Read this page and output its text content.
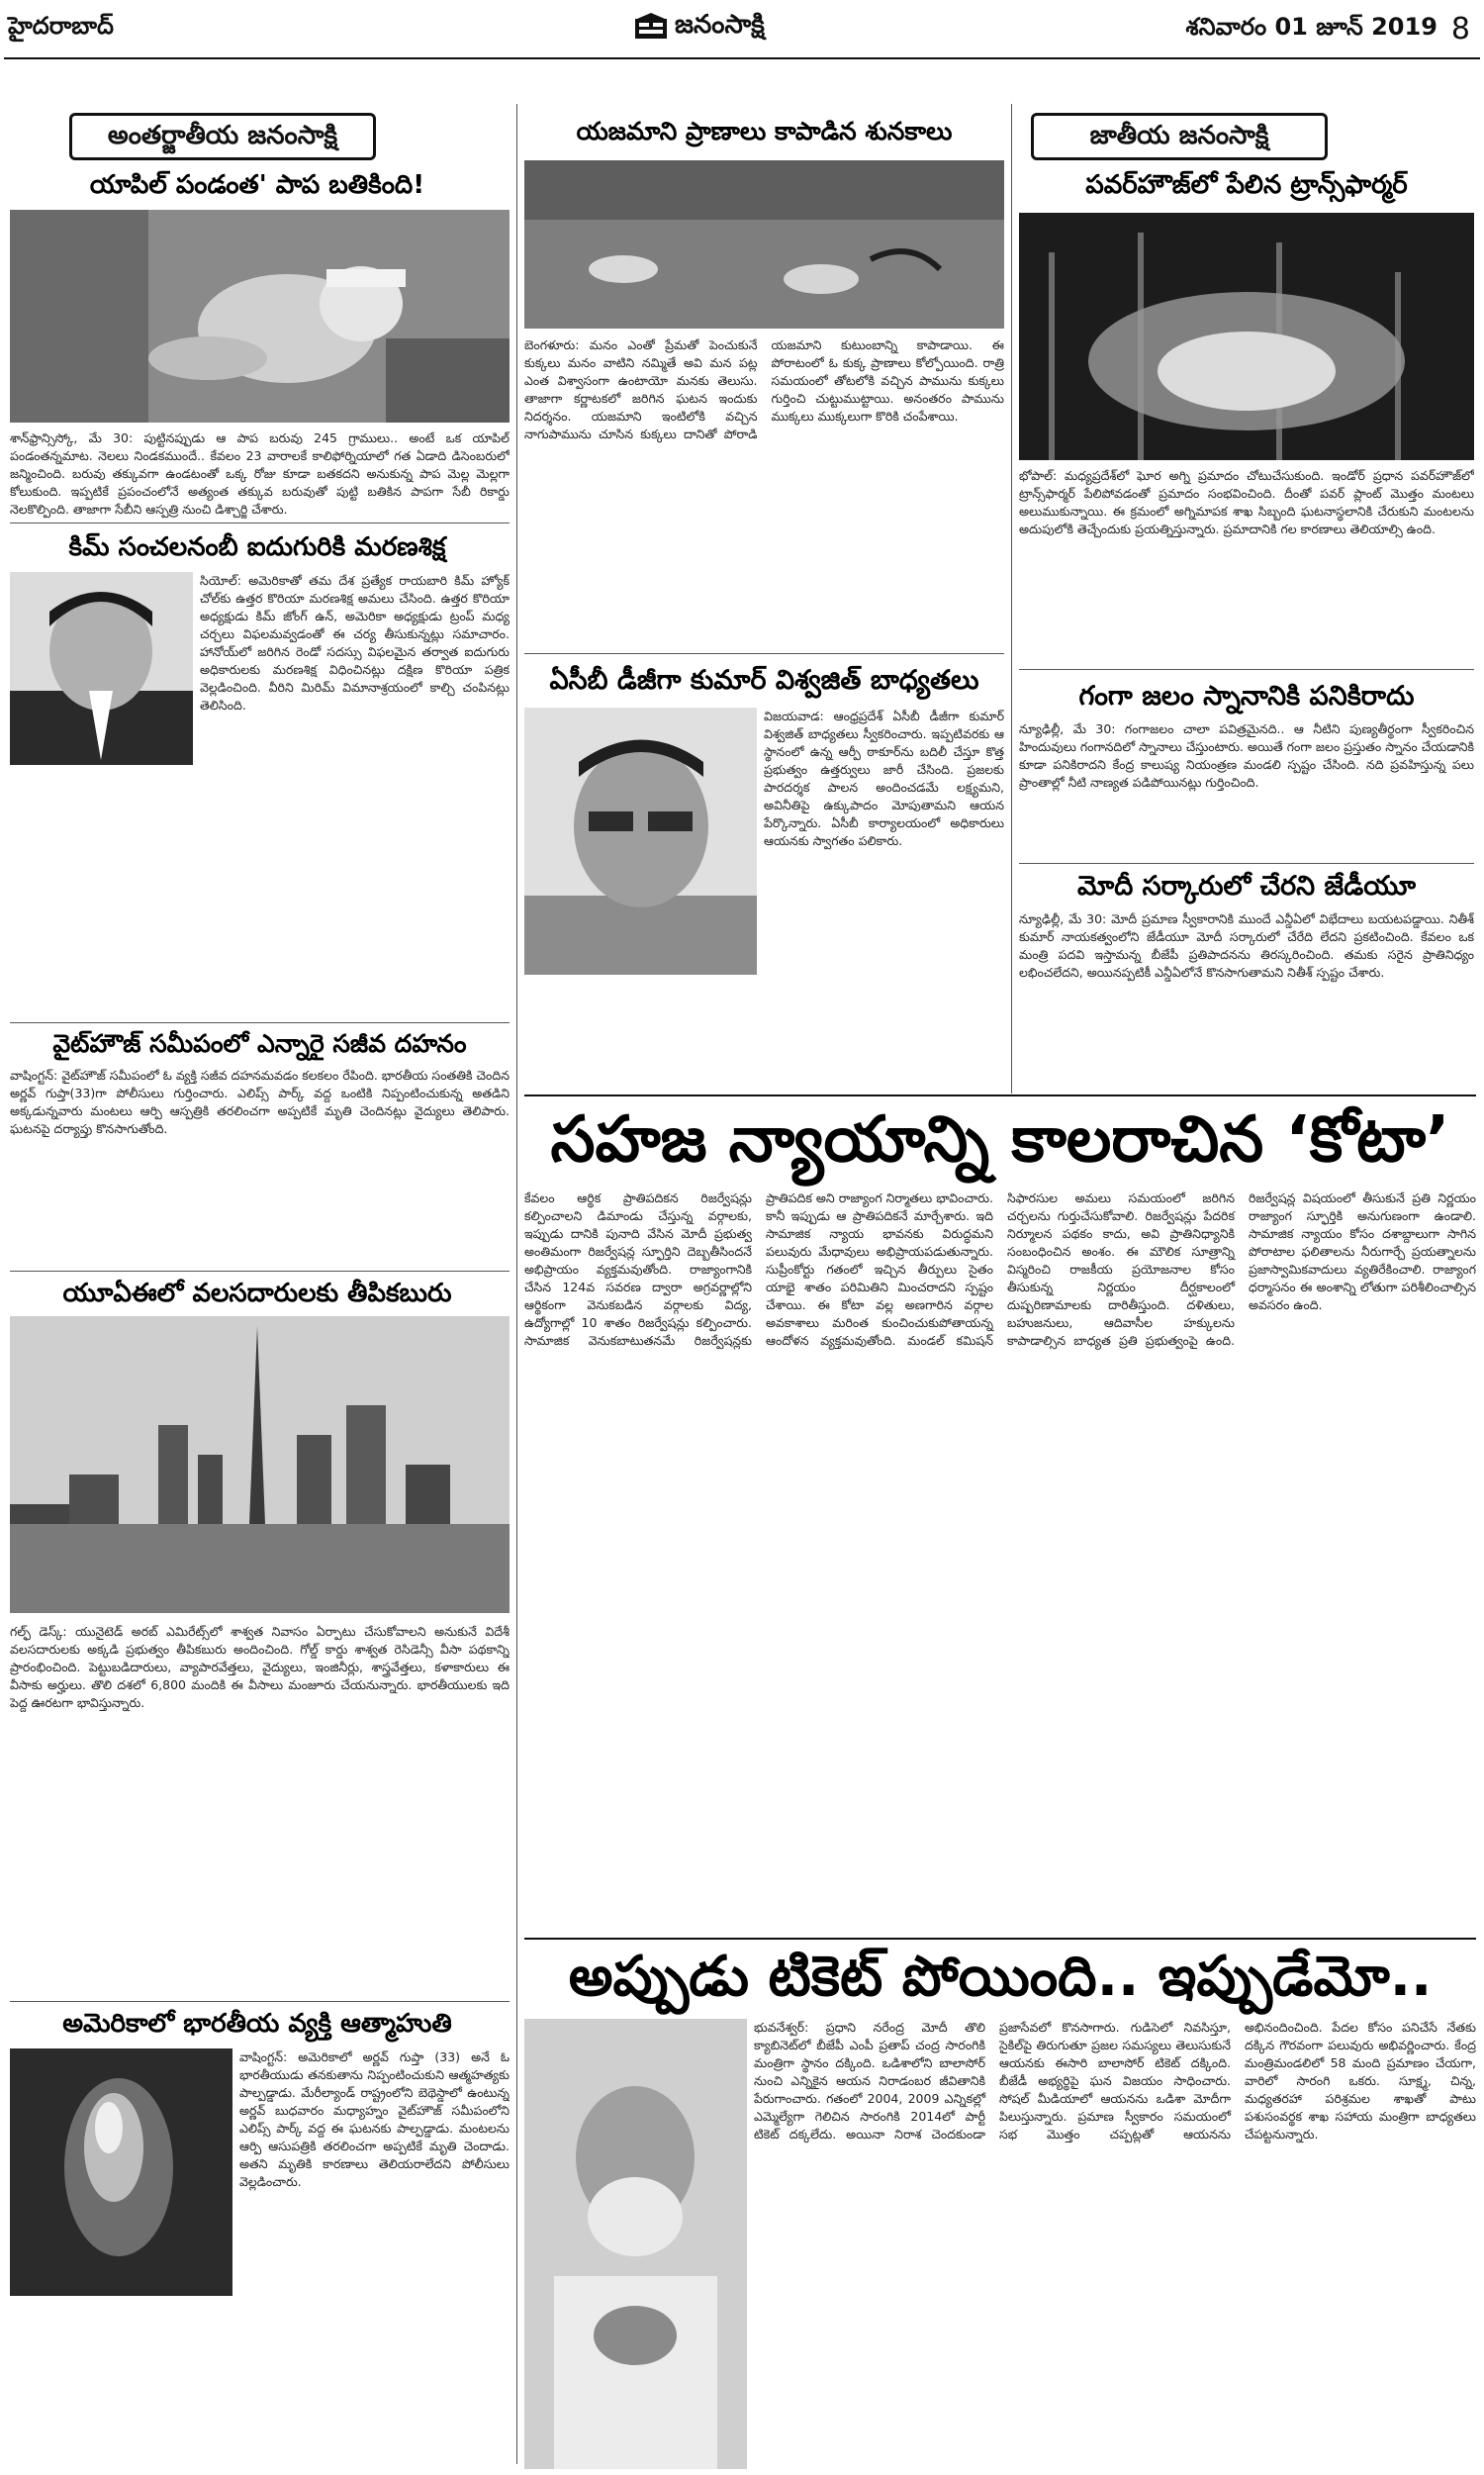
హైదరాబాద్	జనంసాక్షి	శనివారం 01 జూన్ 2019 8
అంతర్జాతీయ జనంసాక్షి	జాతీయ జనంసాక్షి
యాపిల్ పండంత' పాప బతికింది!
శాన్‌ఫ్రాన్సిస్కో, మే 30: పుట్టినప్పుడు ఆ పాప బరువు 245 గ్రాములు.. అంటే ఒక యాపిల్ పండంతన్నమాట. నెలలు నిండకముందే.. కేవలం 23 వారాలకే కాలిఫోర్నియాలో గత ఏడాది డిసెంబరులో జన్మించింది. బరువు తక్కువగా ఉండటంతో ఒక్క రోజు కూడా బతకదని అనుకున్న పాప మెల్ల మెల్లగా కోలుకుంది. ఇప్పటికే ప్రపంచంలోనే అత్యంత తక్కువ బరువుతో పుట్టి బతికిన పాపగా సేబీ రికార్డు నెలకొల్పింది. తాజాగా సేబీని ఆస్పత్రి నుంచి డిశ్చార్జి చేశారు.
కిమ్ సంచలనంబీ ఐదుగురికి మరణశిక్ష
సియోల్: అమెరికాతో తమ దేశ ప్రత్యేక రాయబారి కిమ్ హ్యోక్ చోల్‌కు ఉత్తర కొరియా మరణశిక్ష అమలు చేసింది. ఉత్తర కొరియా అధ్యక్షుడు కిమ్ జోంగ్ ఉన్, అమెరికా అధ్యక్షుడు ట్రంప్ మధ్య చర్చలు విఫలమవ్వడంతో ఈ చర్య తీసుకున్నట్లు సమాచారం. హానోయ్‌లో జరిగిన రెండో సదస్సు విఫలమైన తర్వాత ఐదుగురు అధికారులకు మరణశిక్ష విధించినట్లు దక్షిణ కొరియా పత్రిక వెల్లడించింది. వీరిని మిరిమ్ విమానాశ్రయంలో కాల్చి చంపినట్లు తెలిసింది.
వైట్‌హౌజ్ సమీపంలో ఎన్నారై సజీవ దహనం
వాషింగ్టన్: వైట్‌హౌజ్ సమీపంలో ఓ వ్యక్తి సజీవ దహనమవడం కలకలం రేపింది. భారతీయ సంతతికి చెందిన అర్ణవ్ గుప్తా(33)గా పోలీసులు గుర్తించారు. ఎలిప్స్ పార్క్ వద్ద ఒంటికి నిప్పంటించుకున్న అతడిని అక్కడున్నవారు మంటలు ఆర్పి ఆస్పత్రికి తరలించగా అప్పటికే మృతి చెందినట్లు వైద్యులు తెలిపారు. ఘటనపై దర్యాప్తు కొనసాగుతోంది.
యూఏఈలో వలసదారులకు తీపికబురు
గల్ఫ్ డెస్క్: యునైటెడ్ అరబ్ ఎమిరేట్స్‌లో శాశ్వత నివాసం ఏర్పాటు చేసుకోవాలని అనుకునే విదేశీ వలసదారులకు అక్కడి ప్రభుత్వం తీపికబురు అందించింది. గోల్డ్ కార్డు శాశ్వత రెసిడెన్సీ వీసా పథకాన్ని ప్రారంభించింది. పెట్టుబడిదారులు, వ్యాపారవేత్తలు, వైద్యులు, ఇంజినీర్లు, శాస్త్రవేత్తలు, కళాకారులు ఈ వీసాకు అర్హులు. తొలి దశలో 6,800 మందికి ఈ వీసాలు మంజూరు చేయనున్నారు. భారతీయులకు ఇది పెద్ద ఊరటగా భావిస్తున్నారు.
అమెరికాలో భారతీయ వ్యక్తి ఆత్మాహుతి
వాషింగ్టన్: అమెరికాలో అర్ణవ్ గుప్తా (33) అనే ఓ భారతీయుడు తనకుతాను నిప్పంటించుకుని ఆత్మహత్యకు పాల్పడ్డాడు. మేరీల్యాండ్ రాష్ట్రంలోని బెథెస్డాలో ఉంటున్న అర్ణవ్ బుధవారం మధ్యాహ్నం వైట్‌హౌజ్ సమీపంలోని ఎలిప్స్ పార్క్ వద్ద ఈ ఘటనకు పాల్పడ్డాడు. మంటలను ఆర్పి ఆసుపత్రికి తరలించగా అప్పటికే మృతి చెందాడు. అతని మృతికి కారణాలు తెలియరాలేదని పోలీసులు వెల్లడించారు.
యజమాని ప్రాణాలు కాపాడిన శునకాలు
బెంగళూరు: మనం ఎంతో ప్రేమతో పెంచుకునే కుక్కలు మనం వాటిని నమ్మితే అవి మన పట్ల ఎంత విశ్వాసంగా ఉంటాయో మనకు తెలుసు. తాజాగా కర్ణాటకలో జరిగిన ఘటన ఇందుకు నిదర్శనం. యజమాని ఇంటిలోకి వచ్చిన నాగుపామును చూసిన కుక్కలు దానితో పోరాడి యజమాని కుటుంబాన్ని కాపాడాయి. ఈ పోరాటంలో ఓ కుక్క ప్రాణాలు కోల్పోయింది. రాత్రి సమయంలో తోటలోకి వచ్చిన పామును కుక్కలు గుర్తించి చుట్టుముట్టాయి. అనంతరం పామును ముక్కలు ముక్కలుగా కొరికి చంపేశాయి.
ఏసీబీ డీజీగా కుమార్ విశ్వజిత్ బాధ్యతలు
విజయవాడ: ఆంధ్రప్రదేశ్ ఏసీబీ డీజీగా కుమార్ విశ్వజిత్ బాధ్యతలు స్వీకరించారు. ఇప్పటివరకు ఆ స్థానంలో ఉన్న ఆర్పీ ఠాకూర్‌ను బదిలీ చేస్తూ కొత్త ప్రభుత్వం ఉత్తర్వులు జారీ చేసింది. ప్రజలకు పారదర్శక పాలన అందించడమే లక్ష్యమని, అవినీతిపై ఉక్కుపాదం మోపుతామని ఆయన పేర్కొన్నారు. ఏసీబీ కార్యాలయంలో అధికారులు ఆయనకు స్వాగతం పలికారు.
పవర్‌హౌజ్‌లో పేలిన ట్రాన్స్‌ఫార్మర్
భోపాల్: మధ్యప్రదేశ్‌లో ఘోర అగ్ని ప్రమాదం చోటుచేసుకుంది. ఇండోర్ ప్రధాన పవర్‌హౌజ్‌లో ట్రాన్స్‌ఫార్మర్ పేలిపోవడంతో ప్రమాదం సంభవించింది. దీంతో పవర్ ప్లాంట్ మొత్తం మంటలు అలుముకున్నాయి. ఈ క్రమంలో అగ్నిమాపక శాఖ సిబ్బంది ఘటనాస్థలానికి చేరుకుని మంటలను అదుపులోకి తెచ్చేందుకు ప్రయత్నిస్తున్నారు. ప్రమాదానికి గల కారణాలు తెలియాల్సి ఉంది.
గంగా జలం స్నానానికి పనికిరాదు
న్యూఢిల్లీ, మే 30: గంగాజలం చాలా పవిత్రమైనది.. ఆ నీటిని పుణ్యతీర్థంగా స్వీకరించిన హిందువులు గంగానదిలో స్నానాలు చేస్తుంటారు. అయితే గంగా జలం ప్రస్తుతం స్నానం చేయడానికి కూడా పనికిరాదని కేంద్ర కాలుష్య నియంత్రణ మండలి స్పష్టం చేసింది. నది ప్రవహిస్తున్న పలు ప్రాంతాల్లో నీటి నాణ్యత పడిపోయినట్లు గుర్తించింది.
మోదీ సర్కారులో చేరని జేడీయూ
న్యూఢిల్లీ, మే 30: మోదీ ప్రమాణ స్వీకారానికి ముందే ఎన్డీఏలో విభేదాలు బయటపడ్డాయి. నితీశ్ కుమార్ నాయకత్వంలోని జేడీయూ మోదీ సర్కారులో చేరేది లేదని ప్రకటించింది. కేవలం ఒక మంత్రి పదవి ఇస్తామన్న బీజేపీ ప్రతిపాదనను తిరస్కరించింది. తమకు సరైన ప్రాతినిధ్యం లభించలేదని, అయినప్పటికీ ఎన్డీఏలోనే కొనసాగుతామని నితీశ్ స్పష్టం చేశారు.
సహజ న్యాయాన్ని కాలరాచిన ‘కోటా’
కేవలం ఆర్థిక ప్రాతిపదికన రిజర్వేషన్లు కల్పించాలని డిమాండు చేస్తున్న వర్గాలకు, ఇప్పుడు దానికి పునాది వేసిన మోదీ ప్రభుత్వ అంతిమంగా రిజర్వేషన్ల స్ఫూర్తిని దెబ్బతీసిందనే అభిప్రాయం వ్యక్తమవుతోంది. రాజ్యాంగానికి చేసిన 124వ సవరణ ద్వారా అగ్రవర్ణాల్లోని ఆర్థికంగా వెనుకబడిన వర్గాలకు విద్య, ఉద్యోగాల్లో 10 శాతం రిజర్వేషన్లు కల్పించారు. సామాజిక వెనుకబాటుతనమే రిజర్వేషన్లకు ప్రాతిపదిక అని రాజ్యాంగ నిర్మాతలు భావించారు. కానీ ఇప్పుడు ఆ ప్రాతిపదికనే మార్చేశారు. ఇది సామాజిక న్యాయ భావనకు విరుద్ధమని పలువురు మేధావులు అభిప్రాయపడుతున్నారు. సుప్రీంకోర్టు గతంలో ఇచ్చిన తీర్పులు సైతం యాభై శాతం పరిమితిని మించరాదని స్పష్టం చేశాయి. ఈ కోటా వల్ల అణగారిన వర్గాల అవకాశాలు మరింత కుంచించుకుపోతాయన్న ఆందోళన వ్యక్తమవుతోంది. మండల్ కమిషన్ సిఫారసుల అమలు సమయంలో జరిగిన చర్చలను గుర్తుచేసుకోవాలి. రిజర్వేషన్లు పేదరిక నిర్మూలన పథకం కాదు, అవి ప్రాతినిధ్యానికి సంబంధించిన అంశం. ఈ మౌలిక సూత్రాన్ని విస్మరించి రాజకీయ ప్రయోజనాల కోసం తీసుకున్న నిర్ణయం దీర్ఘకాలంలో దుష్పరిణామాలకు దారితీస్తుంది. దళితులు, బహుజనులు, ఆదివాసీల హక్కులను కాపాడాల్సిన బాధ్యత ప్రతి ప్రభుత్వంపై ఉంది. రిజర్వేషన్ల విషయంలో తీసుకునే ప్రతి నిర్ణయం రాజ్యాంగ స్ఫూర్తికి అనుగుణంగా ఉండాలి. సామాజిక న్యాయం కోసం దశాబ్దాలుగా సాగిన పోరాటాల ఫలితాలను నీరుగార్చే ప్రయత్నాలను ప్రజాస్వామికవాదులు వ్యతిరేకించాలి. రాజ్యాంగ ధర్మాసనం ఈ అంశాన్ని లోతుగా పరిశీలించాల్సిన అవసరం ఉంది.
అప్పుడు టికెట్ పోయింది.. ఇప్పుడేమో..
భువనేశ్వర్: ప్రధాని నరేంద్ర మోదీ తొలి క్యాబినెట్‌లో బీజేపీ ఎంపీ ప్రతాప్ చంద్ర సారంగికి మంత్రిగా స్థానం దక్కింది. ఒడిశాలోని బాలాసోర్ నుంచి ఎన్నికైన ఆయన నిరాడంబర జీవితానికి పేరుగాంచారు. గతంలో 2004, 2009 ఎన్నికల్లో ఎమ్మెల్యేగా గెలిచిన సారంగికి 2014లో పార్టీ టికెట్ దక్కలేదు. అయినా నిరాశ చెందకుండా ప్రజాసేవలో కొనసాగారు. గుడిసెలో నివసిస్తూ, సైకిల్‌పై తిరుగుతూ ప్రజల సమస్యలు తెలుసుకునే ఆయనకు ఈసారి బాలాసోర్ టికెట్ దక్కింది. బీజేడీ అభ్యర్థిపై ఘన విజయం సాధించారు. సోషల్ మీడియాలో ఆయనను ఒడిశా మోదీగా పిలుస్తున్నారు. ప్రమాణ స్వీకారం సమయంలో సభ మొత్తం చప్పట్లతో ఆయనను అభినందించింది. పేదల కోసం పనిచేసే నేతకు దక్కిన గౌరవంగా పలువురు అభివర్ణించారు. కేంద్ర మంత్రిమండలిలో 58 మంది ప్రమాణం చేయగా, వారిలో సారంగి ఒకరు. సూక్ష్మ, చిన్న, మధ్యతరహా పరిశ్రమల శాఖతో పాటు పశుసంవర్థక శాఖ సహాయ మంత్రిగా బాధ్యతలు చేపట్టనున్నారు.
